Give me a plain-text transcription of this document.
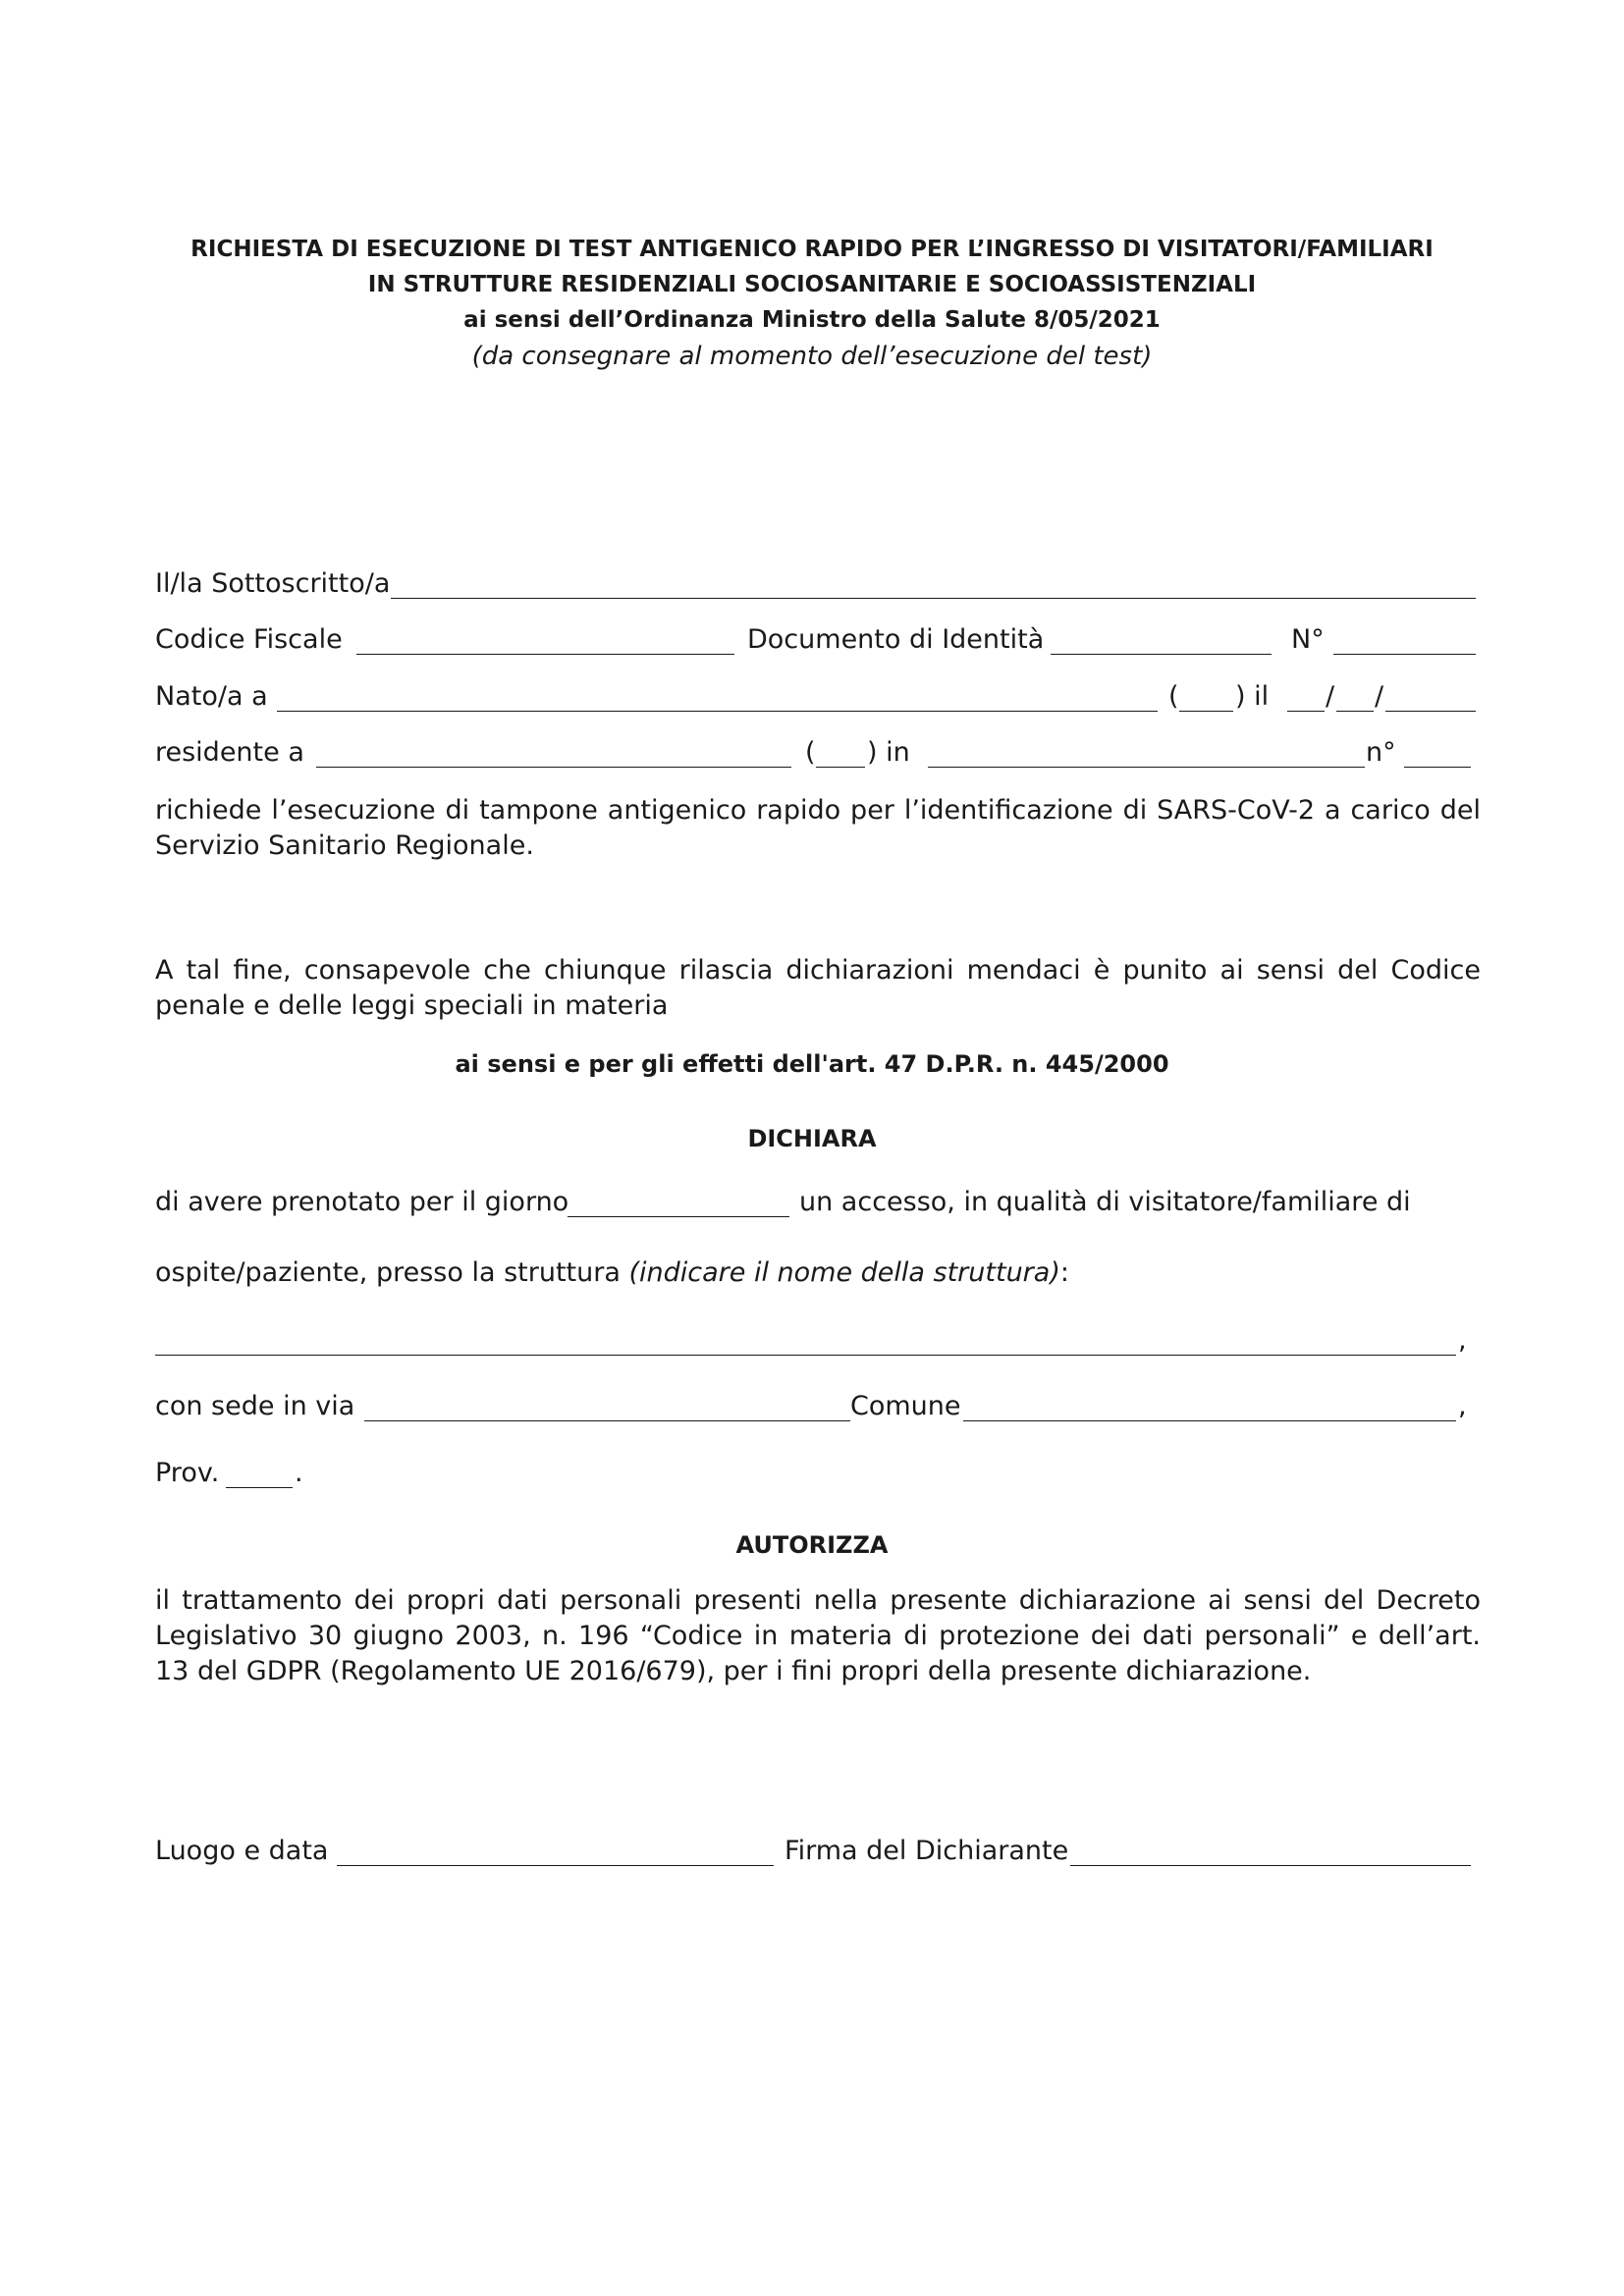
RICHIESTA DI ESECUZIONE DI TEST ANTIGENICO RAPIDO PER L’INGRESSO DI VISITATORI/FAMILIARI
IN STRUTTURE RESIDENZIALI SOCIOSANITARIE E SOCIOASSISTENZIALI
ai sensi dell’Ordinanza Ministro della Salute 8/05/2021
(da consegnare al momento dell’esecuzione del test)
Il/la Sottoscritto/a
Codice Fiscale	Documento di Identità	N°
Nato/a a	( ) il / /
residente a	( ) in	n°
richiede l’esecuzione di tampone antigenico rapido per l’identificazione di SARS-CoV-2 a carico del Servizio Sanitario Regionale.
A tal fine, consapevole che chiunque rilascia dichiarazioni mendaci è punito ai sensi del Codice penale e delle leggi speciali in materia
ai sensi e per gli effetti dell'art. 47 D.P.R. n. 445/2000
DICHIARA
di avere prenotato per il giorno	un accesso, in qualità di visitatore/familiare di
ospite/paziente, presso la struttura (indicare il nome della struttura):
,
con sede in via	Comune	,
Prov.	.
AUTORIZZA
il trattamento dei propri dati personali presenti nella presente dichiarazione ai sensi del Decreto Legislativo 30 giugno 2003, n. 196 “Codice in materia di protezione dei dati personali” e dell’art. 13 del GDPR (Regolamento UE 2016/679), per i fini propri della presente dichiarazione.
Luogo e data	Firma del Dichiarante
